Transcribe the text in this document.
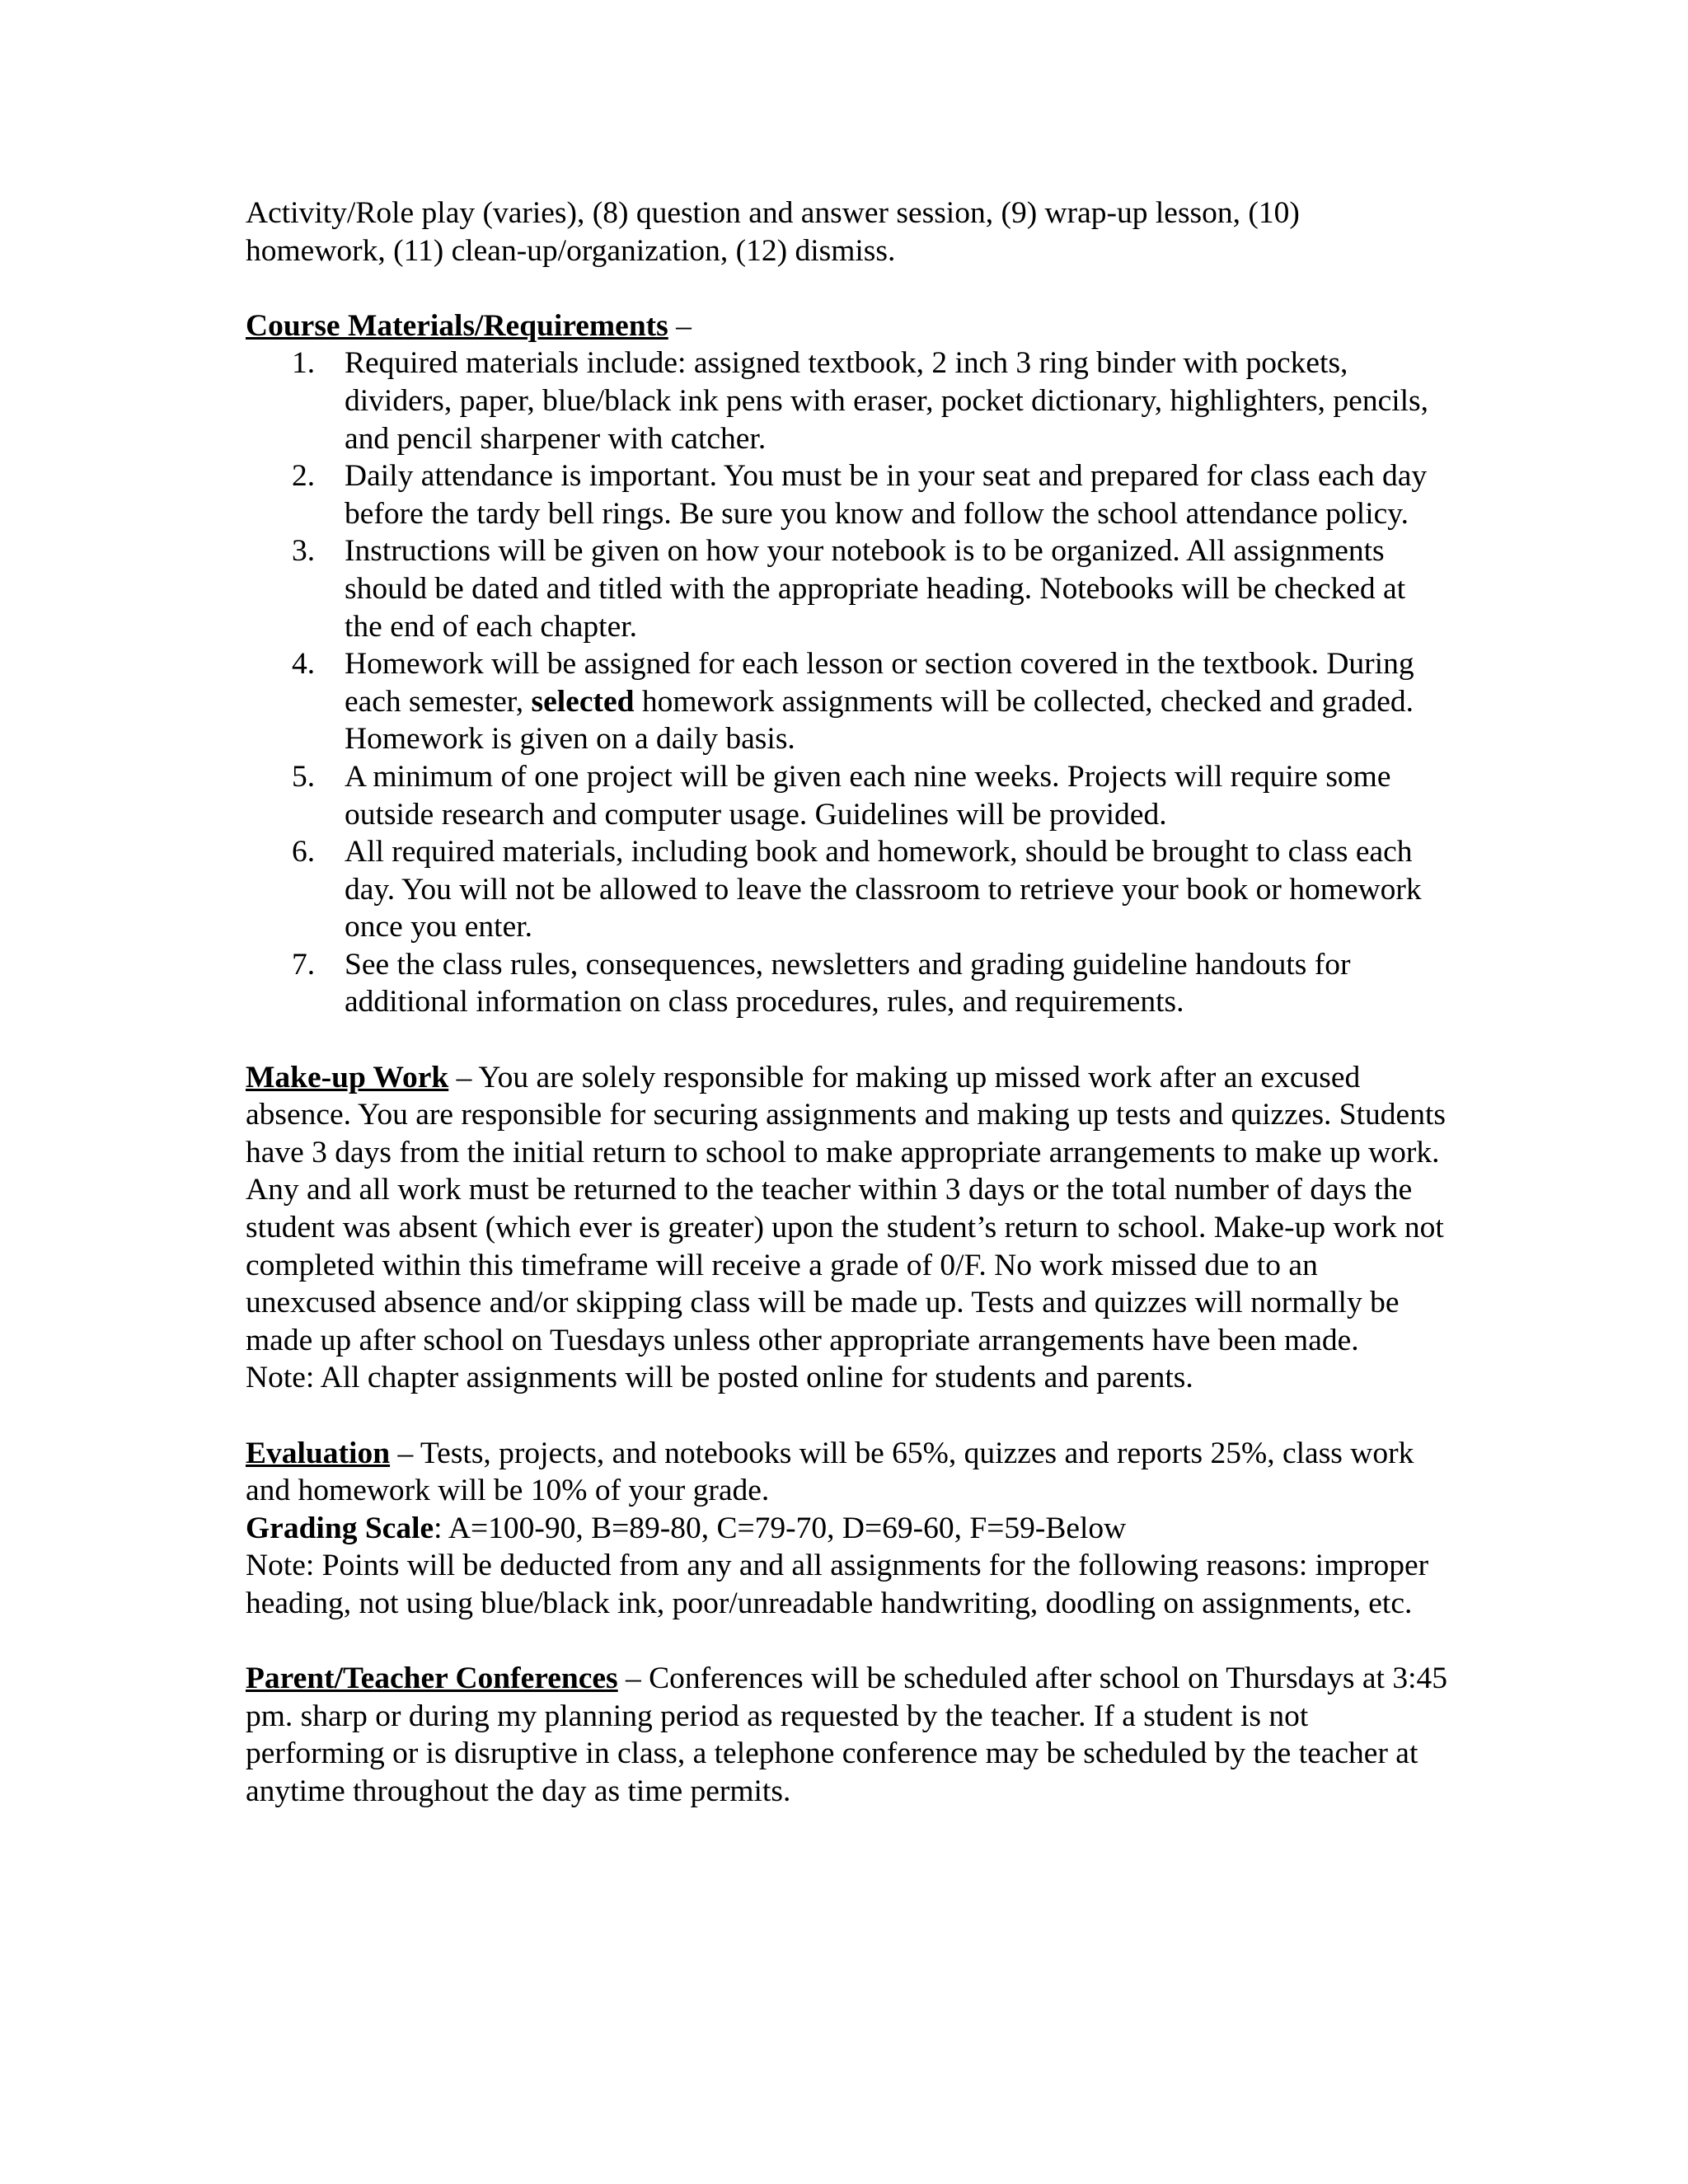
Activity/Role play (varies), (8) question and answer session, (9) wrap-up lesson, (10)
homework, (11) clean-up/organization, (12) dismiss.
Course Materials/Requirements –
1. Required materials include: assigned textbook, 2 inch 3 ring binder with pockets, dividers, paper, blue/black ink pens with eraser, pocket dictionary, highlighters, pencils, and pencil sharpener with catcher.
2. Daily attendance is important. You must be in your seat and prepared for class each day before the tardy bell rings. Be sure you know and follow the school attendance policy.
3. Instructions will be given on how your notebook is to be organized. All assignments should be dated and titled with the appropriate heading. Notebooks will be checked at the end of each chapter.
4. Homework will be assigned for each lesson or section covered in the textbook. During each semester, selected homework assignments will be collected, checked and graded. Homework is given on a daily basis.
5. A minimum of one project will be given each nine weeks. Projects will require some outside research and computer usage. Guidelines will be provided.
6. All required materials, including book and homework, should be brought to class each day. You will not be allowed to leave the classroom to retrieve your book or homework once you enter.
7. See the class rules, consequences, newsletters and grading guideline handouts for additional information on class procedures, rules, and requirements.

Make-up Work – You are solely responsible for making up missed work after an excused absence. You are responsible for securing assignments and making up tests and quizzes. Students have 3 days from the initial return to school to make appropriate arrangements to make up work. Any and all work must be returned to the teacher within 3 days or the total number of days the student was absent (which ever is greater) upon the student’s return to school. Make-up work not completed within this timeframe will receive a grade of 0/F. No work missed due to an unexcused absence and/or skipping class will be made up. Tests and quizzes will normally be made up after school on Tuesdays unless other appropriate arrangements have been made.

Note: All chapter assignments will be posted online for students and parents.

Evaluation – Tests, projects, and notebooks will be 65%, quizzes and reports 25%, class work and homework will be 10% of your grade.

Grading Scale: A=100-90, B=89-80, C=79-70, D=69-60, F=59-Below

Note: Points will be deducted from any and all assignments for the following reasons: improper heading, not using blue/black ink, poor/unreadable handwriting, doodling on assignments, etc.

Parent/Teacher Conferences – Conferences will be scheduled after school on Thursdays at 3:45 pm. sharp or during my planning period as requested by the teacher. If a student is not performing or is disruptive in class, a telephone conference may be scheduled by the teacher at anytime throughout the day as time permits.
